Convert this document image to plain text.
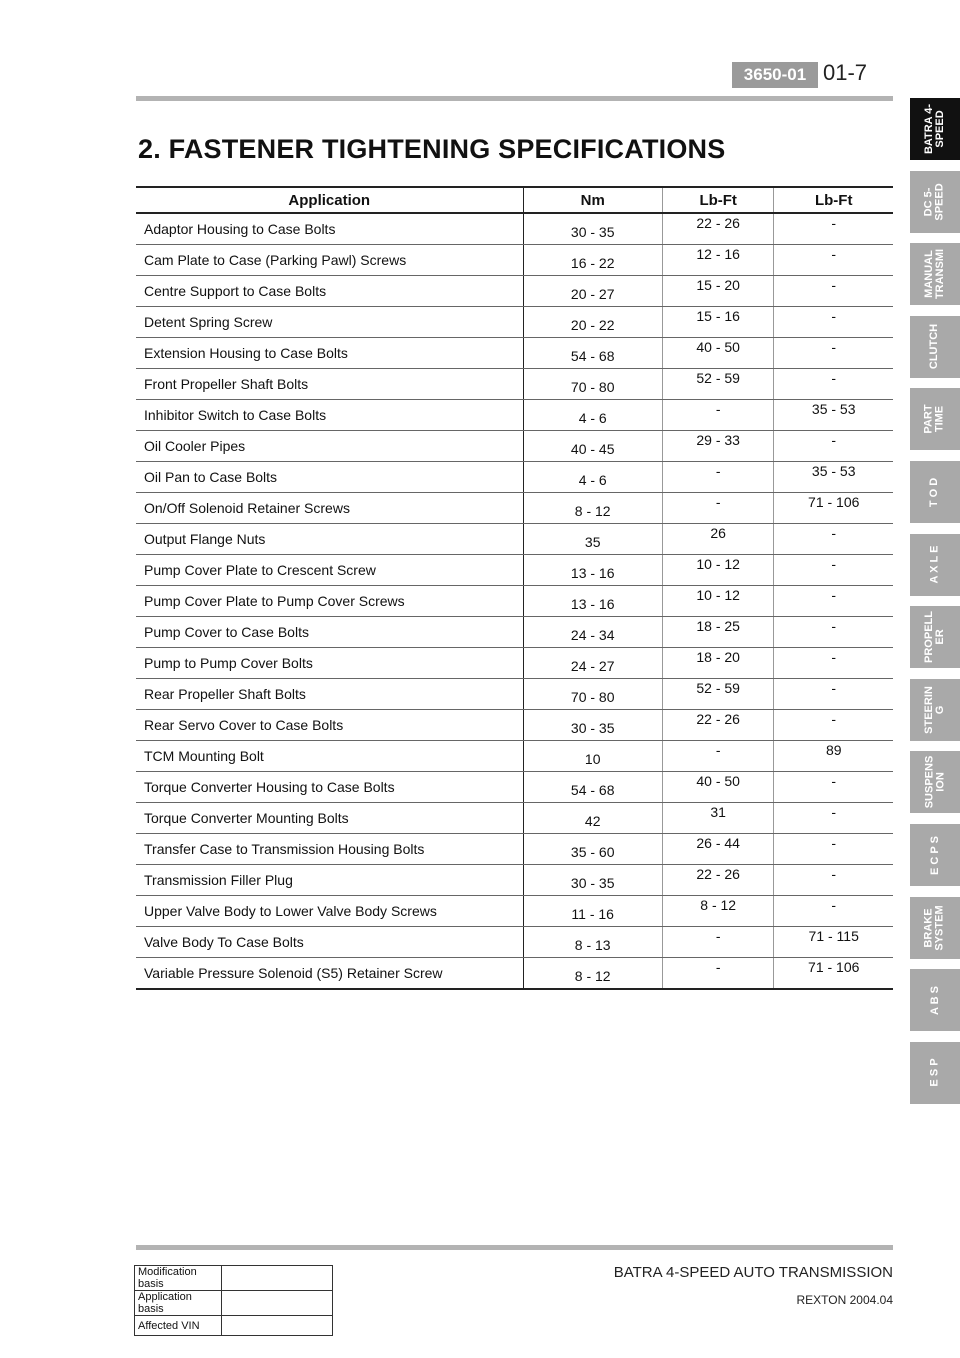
3650-01 01-7
2. FASTENER TIGHTENING SPECIFICATIONS
Application	Nm	Lb-Ft	Lb-Ft
Adaptor Housing to Case Bolts	30 - 35	22 - 26	-
Cam Plate to Case (Parking Pawl) Screws	16 - 22	12 - 16	-
Centre Support to Case Bolts	20 - 27	15 - 20	-
Detent Spring Screw	20 - 22	15 - 16	-
Extension Housing to Case Bolts	54 - 68	40 - 50	-
Front Propeller Shaft Bolts	70 - 80	52 - 59	-
Inhibitor Switch to Case Bolts	4 - 6	-	35 - 53
Oil Cooler Pipes	40 - 45	29 - 33	-
Oil Pan to Case Bolts	4 - 6	-	35 - 53
On/Off Solenoid Retainer Screws	8 - 12	-	71 - 106
Output Flange Nuts	35	26	-
Pump Cover Plate to Crescent Screw	13 - 16	10 - 12	-
Pump Cover Plate to Pump Cover Screws	13 - 16	10 - 12	-
Pump Cover to Case Bolts	24 - 34	18 - 25	-
Pump to Pump Cover Bolts	24 - 27	18 - 20	-
Rear Propeller Shaft Bolts	70 - 80	52 - 59	-
Rear Servo Cover to Case Bolts	30 - 35	22 - 26	-
TCM Mounting Bolt	10	-	89
Torque Converter Housing to Case Bolts	54 - 68	40 - 50	-
Torque Converter Mounting Bolts	42	31	-
Transfer Case to Transmission Housing Bolts	35 - 60	26 - 44	-
Transmission Filler Plug	30 - 35	22 - 26	-
Upper Valve Body to Lower Valve Body Screws	11 - 16	8 - 12	-
Valve Body To Case Bolts	8 - 13	-	71 - 115
Variable Pressure Solenoid (S5) Retainer Screw	8 - 12	-	71 - 106
BATRA 4-
SPEED
DC 5-
SPEED
MANUAL
TRANSMI
CLUTCH
PART
TIME
T O D
A X L E
PROPELL
ER
STEERIN
G
SUSPENS
ION
E C P S
BRAKE
SYSTEM
A B S
E S P
BATRA 4-SPEED AUTO TRANSMISSION
REXTON 2004.04
Modification basis	
Application basis	
Affected VIN	
